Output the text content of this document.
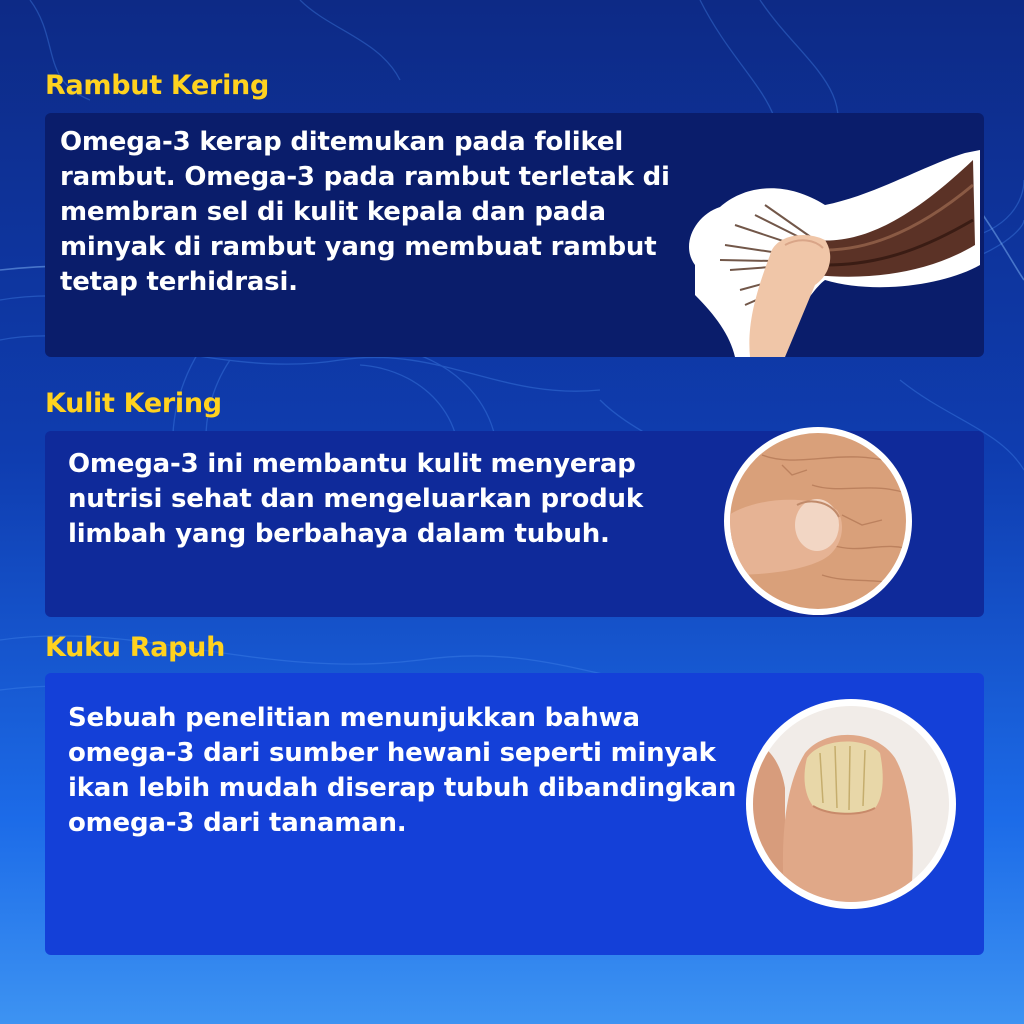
Rambut Kering

Omega-3 kerap ditemukan pada folikel rambut. Omega-3 pada rambut terletak di membran sel di kulit kepala dan pada minyak di rambut yang membuat rambut tetap terhidrasi.

Kulit Kering

Omega-3 ini membantu kulit menyerap nutrisi sehat dan mengeluarkan produk limbah yang berbahaya dalam tubuh.

Kuku Rapuh

Sebuah penelitian menunjukkan bahwa omega-3 dari sumber hewani seperti minyak ikan lebih mudah diserap tubuh dibandingkan omega-3 dari tanaman.
